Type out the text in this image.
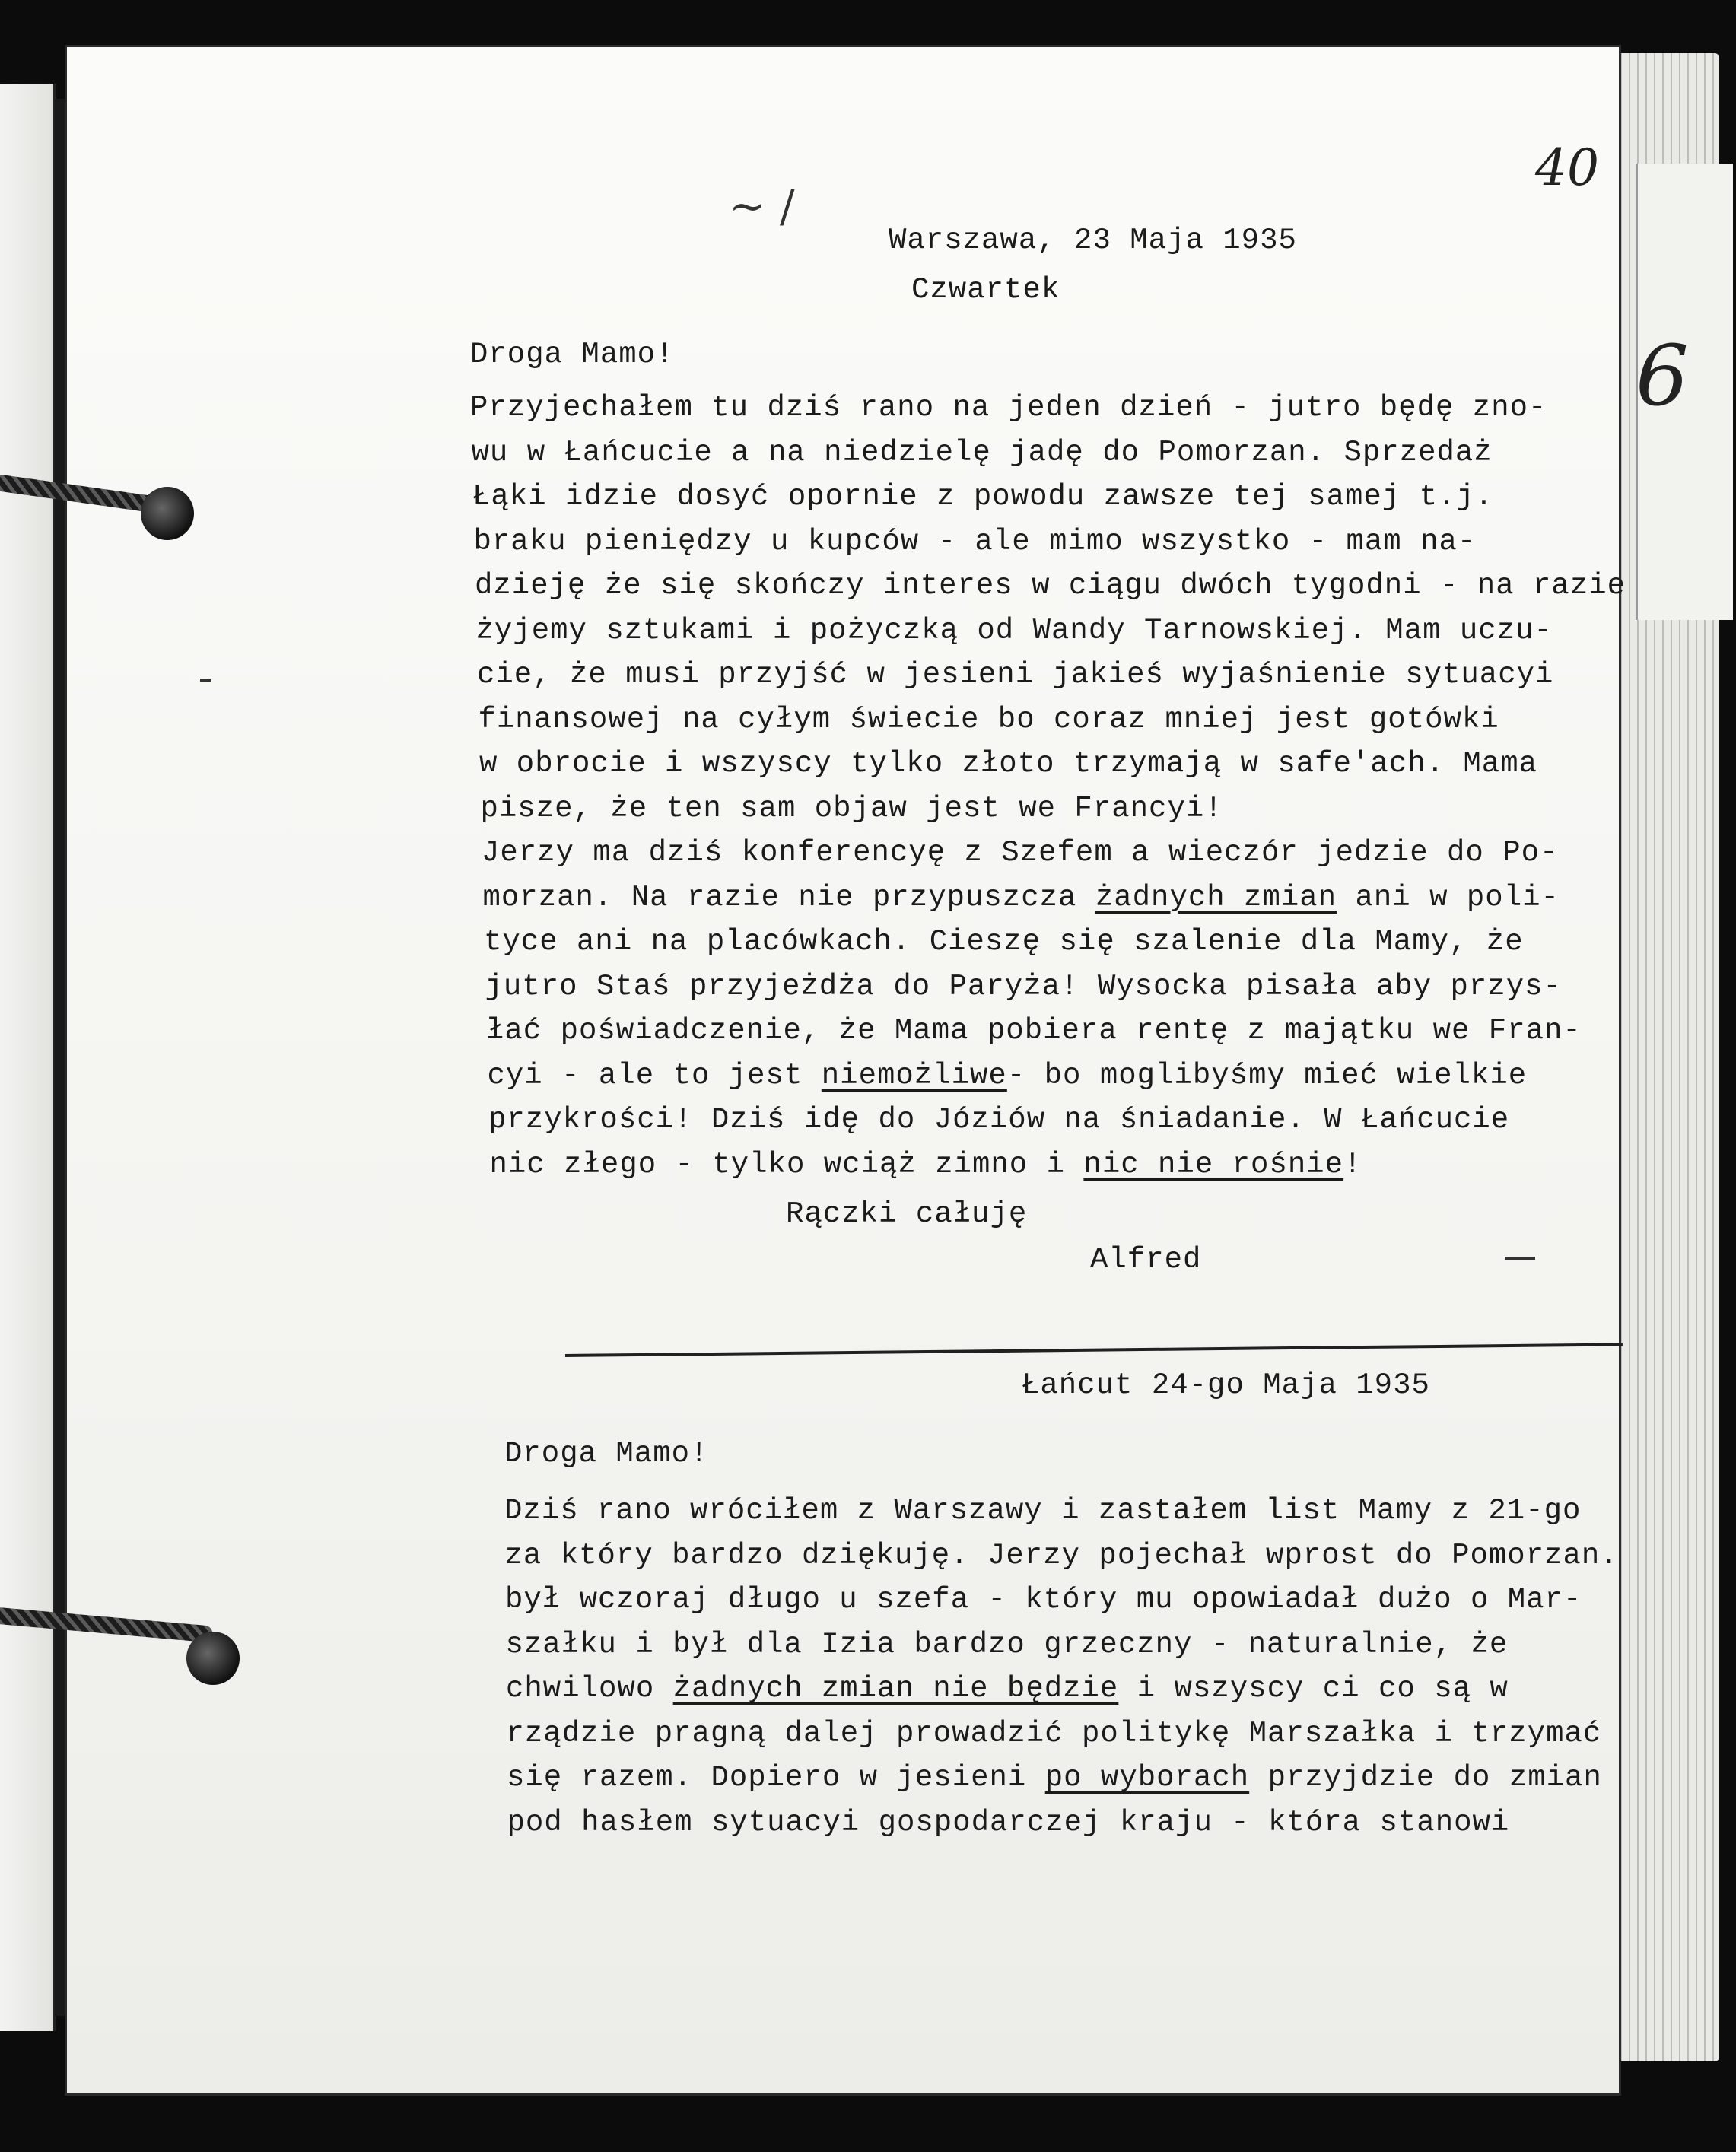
~ /
40
Warszawa, 23 Maja 1935
Czwartek
Droga Mamo!
Przyjechałem tu dziś rano na jeden dzień - jutro będę zno-
wu w Łańcucie a na niedzielę jadę do Pomorzan. Sprzedaż
Łąki idzie dosyć opornie z powodu zawsze tej samej t.j.
braku pieniędzy u kupców - ale mimo wszystko - mam na-
dzieję że się skończy interes w ciągu dwóch tygodni - na razie
żyjemy sztukami i pożyczką od Wandy Tarnowskiej. Mam uczu-
cie, że musi przyjść w jesieni jakieś wyjaśnienie sytuacyi
finansowej na cyłym świecie bo coraz mniej jest gotówki
w obrocie i wszyscy tylko złoto trzymają w safe'ach. Mama
pisze, że ten sam objaw jest we Francyi!
Jerzy ma dziś konferencyę z Szefem a wieczór jedzie do Po-
morzan. Na razie nie przypuszcza żadnych zmian ani w poli-
tyce ani na placówkach. Cieszę się szalenie dla Mamy, że
jutro Staś przyjeżdża do Paryża! Wysocka pisała aby przys-
łać poświadczenie, że Mama pobiera rentę z majątku we Fran-
cyi - ale to jest niemożliwe- bo moglibyśmy mieć wielkie
przykrości! Dziś idę do Józiów na śniadanie. W Łańcucie
nic złego - tylko wciąż zimno i nic nie rośnie!
Rączki całuję
Alfred
Łańcut 24-go Maja 1935
Droga Mamo!
Dziś rano wróciłem z Warszawy i zastałem list Mamy z 21-go
za który bardzo dziękuję. Jerzy pojechał wprost do Pomorzan.
był wczoraj długo u szefa - który mu opowiadał dużo o Mar-
szałku i był dla Izia bardzo grzeczny - naturalnie, że
chwilowo żadnych zmian nie będzie i wszyscy ci co są w
rządzie pragną dalej prowadzić politykę Marszałka i trzymać
się razem. Dopiero w jesieni po wyborach przyjdzie do zmian
pod hasłem sytuacyi gospodarczej kraju - która stanowi
6
